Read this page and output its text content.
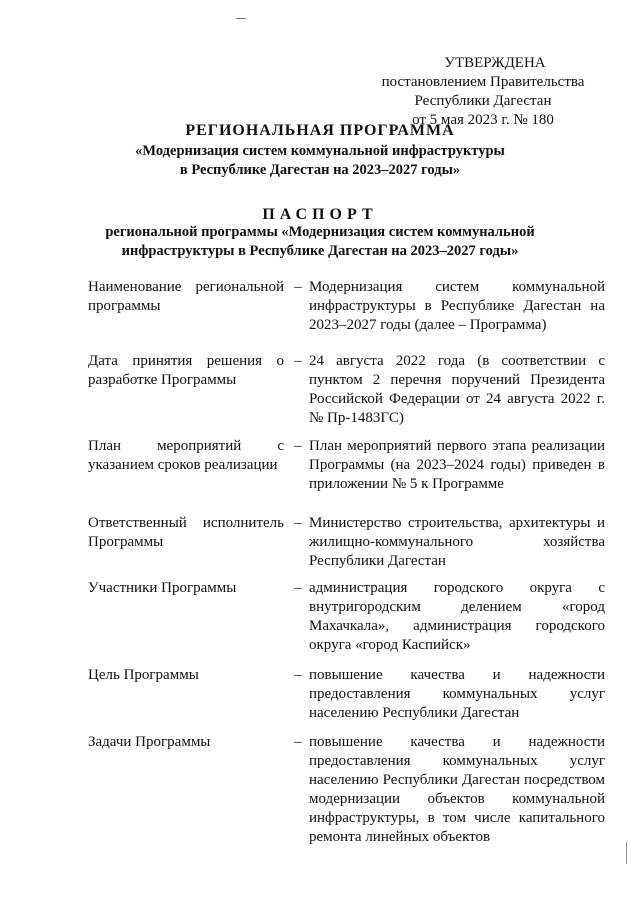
УТВЕРЖДЕНА
постановлением Правительства
Республики Дагестан
от 5 мая 2023 г. № 180
РЕГИОНАЛЬНАЯ ПРОГРАММА
«Модернизация систем коммунальной инфраструктуры
в Республике Дагестан на 2023–2027 годы»
ПАСПОРТ
региональной программы «Модернизация систем коммунальной
инфраструктуры в Республике Дагестан на 2023–2027 годы»
Наименование региональной программы
– Модернизация систем коммунальной инфраструктуры в Республике Дагестан на 2023–2027 годы (далее – Программа)
Дата принятия решения о разработке Программы
– 24 августа 2022 года (в соответствии с пунктом 2 перечня поручений Президента Российской Федерации от 24 августа 2022 г. № Пр-1483ГС)
План мероприятий с указанием сроков реализации
– План мероприятий первого этапа реализации Программы (на 2023–2024 годы) приведен в приложении № 5 к Программе
Ответственный исполнитель Программы
– Министерство строительства, архитектуры и жилищно-коммунального хозяйства Республики Дагестан
Участники Программы	– администрация городского округа с внутригородским делением «город Махачкала», администрация городского округа «город Каспийск»
Цель Программы	– повышение качества и надежности предоставления коммунальных услуг населению Республики Дагестан
Задачи Программы	– повышение качества и надежности предоставления коммунальных услуг населению Республики Дагестан посредством модернизации объектов коммунальной инфраструктуры, в том числе капитального ремонта линейных объектов
